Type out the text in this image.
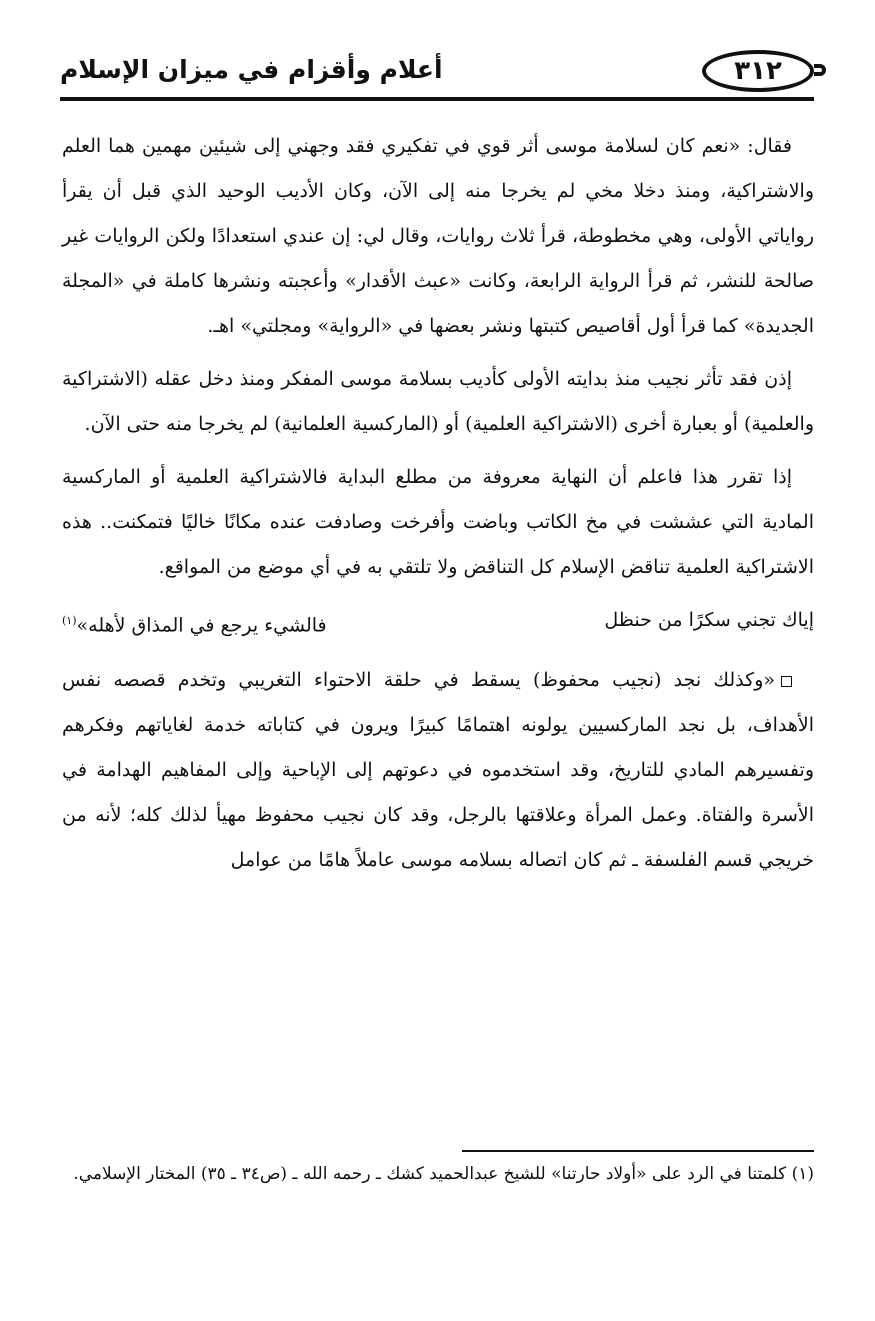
أعلام وأقزام في ميزان الإسلام	٣١٢

فقال: «نعم كان لسلامة موسى أثر قوي في تفكيري فقد وجهني إلى شيئين مهمين هما العلم والاشتراكية، ومنذ دخلا مخي لم يخرجا منه إلى الآن، وكان الأديب الوحيد الذي قبل أن يقرأ رواياتي الأولى، وهي مخطوطة، قرأ ثلاث روايات، وقال لي: إن عندي استعدادًا ولكن الروايات غير صالحة للنشر، ثم قرأ الرواية الرابعة، وكانت «عبث الأقدار» وأعجبته ونشرها كاملة في «المجلة الجديدة» كما قرأ أول أقاصيص كتبتها ونشر بعضها في «الرواية» ومجلتي» اهـ.

إذن فقد تأثر نجيب منذ بدايته الأولى كأديب بسلامة موسى المفكر ومنذ دخل عقله (الاشتراكية والعلمية) أو بعبارة أخرى (الاشتراكية العلمية) أو (الماركسية العلمانية) لم يخرجا منه حتى الآن.

إذا تقرر هذا فاعلم أن النهاية معروفة من مطلع البداية فالاشتراكية العلمية أو الماركسية المادية التي عششت في مخ الكاتب وباضت وأفرخت وصادفت عنده مكانًا خاليًا فتمكنت.. هذه الاشتراكية العلمية تناقض الإسلام كل التناقض ولا تلتقي به في أي موضع من المواقع.

إياك تجني سكرًا من حنظل
فالشيء يرجع في المذاق لأهله»$^{(١)}$

«وكذلك نجد (نجيب محفوظ) يسقط في حلقة الاحتواء التغريبي وتخدم قصصه نفس الأهداف، بل نجد الماركسيين يولونه اهتمامًا كبيرًا ويرون في كتاباته خدمة لغاياتهم وفكرهم وتفسيرهم المادي للتاريخ، وقد استخدموه في دعوتهم إلى الإباحية وإلى المفاهيم الهدامة في الأسرة والفتاة. وعمل المرأة وعلاقتها بالرجل، وقد كان نجيب محفوظ مهيأ لذلك كله؛ لأنه من خريجي قسم الفلسفة ـ ثم كان اتصاله بسلامه موسى عاملاً هامًا من عوامل

(١) كلمتنا في الرد على «أولاد حارتنا» للشيخ عبدالحميد كشك ـ رحمه الله ـ (ص٣٤ ـ ٣٥) المختار الإسلامي.
